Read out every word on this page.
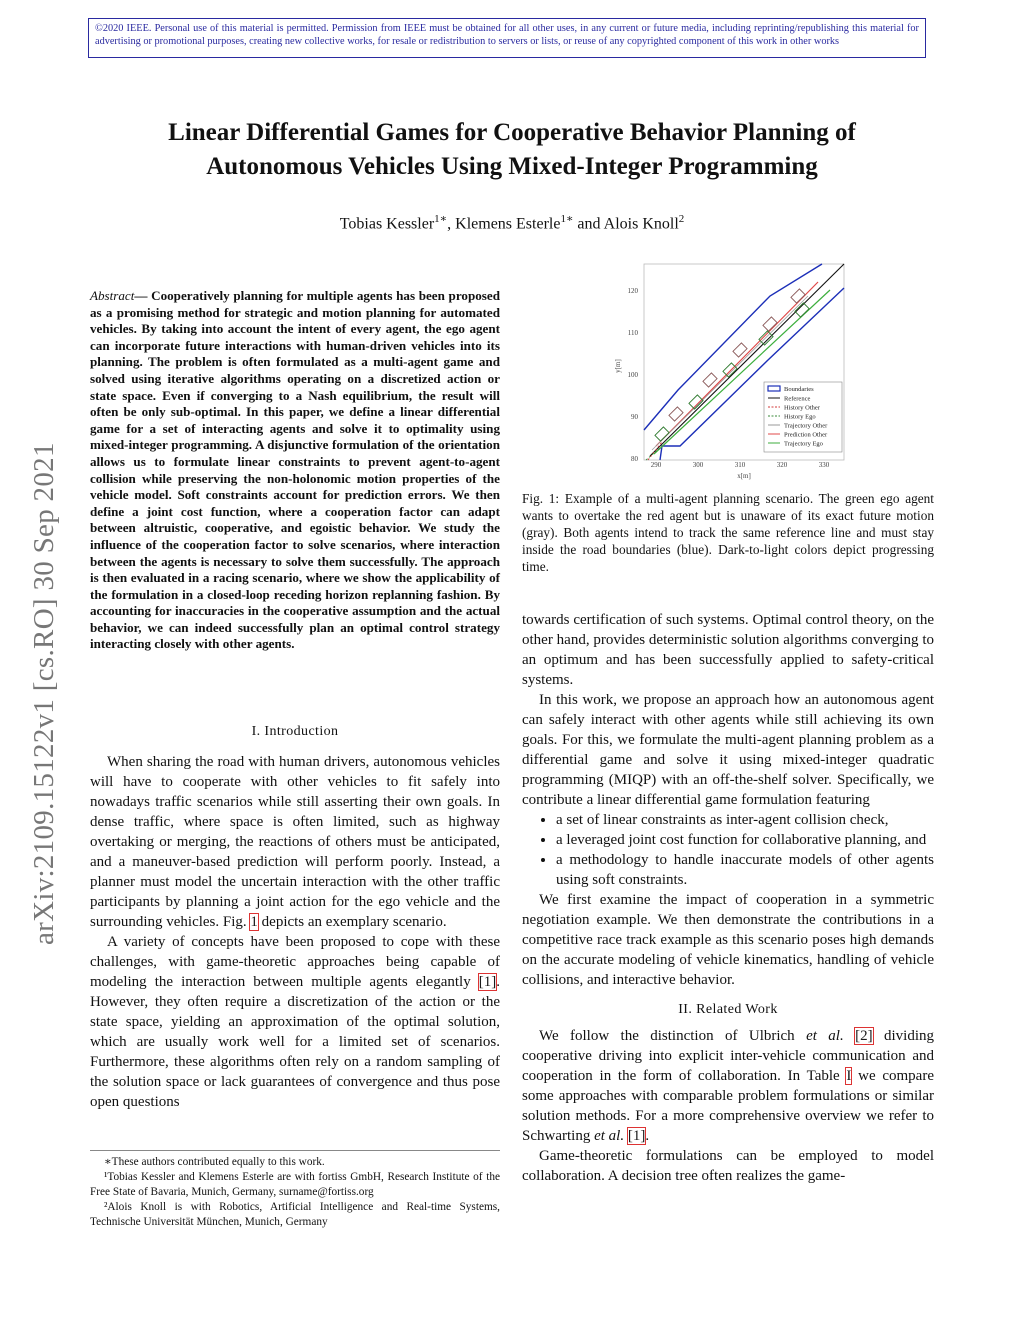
©2020 IEEE. Personal use of this material is permitted. Permission from IEEE must be obtained for all other uses, in any current or future media, including reprinting/republishing this material for advertising or promotional purposes, creating new collective works, for resale or redistribution to servers or lists, or reuse of any copyrighted component of this work in other works
arXiv:2109.15122v1 [cs.RO] 30 Sep 2021
Linear Differential Games for Cooperative Behavior Planning of
Autonomous Vehicles Using Mixed-Integer Programming
Tobias Kessler$^{1∗}$, Klemens Esterle$^{1∗}$ and Alois Knoll$^2$
Abstract— Cooperatively planning for multiple agents has been proposed as a promising method for strategic and motion planning for automated vehicles. By taking into account the intent of every agent, the ego agent can incorporate future interactions with human-driven vehicles into its planning. The problem is often formulated as a multi-agent game and solved using iterative algorithms operating on a discretized action or state space. Even if converging to a Nash equilibrium, the result will often be only sub-optimal. In this paper, we define a linear differential game for a set of interacting agents and solve it to optimality using mixed-integer programming. A disjunctive formulation of the orientation allows us to formulate linear constraints to prevent agent-to-agent collision while preserving the non-holonomic motion properties of the vehicle model. Soft constraints account for prediction errors. We then define a joint cost function, where a cooperation factor can adapt between altruistic, cooperative, and egoistic behavior. We study the influence of the cooperation factor to solve scenarios, where interaction between the agents is necessary to solve them successfully. The approach is then evaluated in a racing scenario, where we show the applicability of the formulation in a closed-loop receding horizon replanning fashion. By accounting for inaccuracies in the cooperative assumption and the actual behavior, we can indeed successfully plan an optimal control strategy interacting closely with other agents.

I. Introduction

When sharing the road with human drivers, autonomous vehicles will have to cooperate with other vehicles to fit safely into nowadays traffic scenarios while still asserting their own goals. In dense traffic, where space is often limited, such as highway overtaking or merging, the reactions of others must be anticipated, and a maneuver-based prediction will perform poorly. Instead, a planner must model the uncertain interaction with the other traffic participants by planning a joint action for the ego vehicle and the surrounding vehicles. Fig. 1 depicts an exemplary scenario.

A variety of concepts have been proposed to cope with these challenges, with game-theoretic approaches being capable of modeling the interaction between multiple agents elegantly [1]. However, they often require a discretization of the action or the state space, yielding an approximation of the optimal solution, which are usually work well for a limited set of scenarios. Furthermore, these algorithms often rely on a random sampling of the solution space or lack guarantees of convergence and thus pose open questions

∗These authors contributed equally to this work.

¹Tobias Kessler and Klemens Esterle are with fortiss GmbH, Research Institute of the Free State of Bavaria, Munich, Germany, surname@fortiss.org

²Alois Knoll is with Robotics, Artificial Intelligence and Real-time Systems, Technische Universität München, Munich, Germany

120
110
100
90
80
290	300	310	320	330
x[m]
y[m]
Boundaries
Reference
History Other
History Ego
Trajectory Other
Prediction Other
Trajectory Ego
Fig. 1: Example of a multi-agent planning scenario. The green ego agent wants to overtake the red agent but is unaware of its exact future motion (gray). Both agents intend to track the same reference line and must stay inside the road boundaries (blue). Dark-to-light colors depict progressing time.

towards certification of such systems. Optimal control theory, on the other hand, provides deterministic solution algorithms converging to an optimum and has been successfully applied to safety-critical systems.

In this work, we propose an approach how an autonomous agent can safely interact with other agents while still achieving its own goals. For this, we formulate the multi-agent planning problem as a differential game and solve it using mixed-integer quadratic programming (MIQP) with an off-the-shelf solver. Specifically, we contribute a linear differential game formulation featuring

• a set of linear constraints as inter-agent collision check,
• a leveraged joint cost function for collaborative planning, and
• a methodology to handle inaccurate models of other agents using soft constraints.

We first examine the impact of cooperation in a symmetric negotiation example. We then demonstrate the contributions in a competitive race track example as this scenario poses high demands on the accurate modeling of vehicle kinematics, handling of vehicle collisions, and interactive behavior.

II. Related Work

We follow the distinction of Ulbrich et al. [2] dividing cooperative driving into explicit inter-vehicle communication and cooperation in the form of collaboration. In Table I we compare some approaches with comparable problem formulations or similar solution methods. For a more comprehensive overview we refer to Schwarting et al. [1].

Game-theoretic formulations can be employed to model collaboration. A decision tree often realizes the game-
